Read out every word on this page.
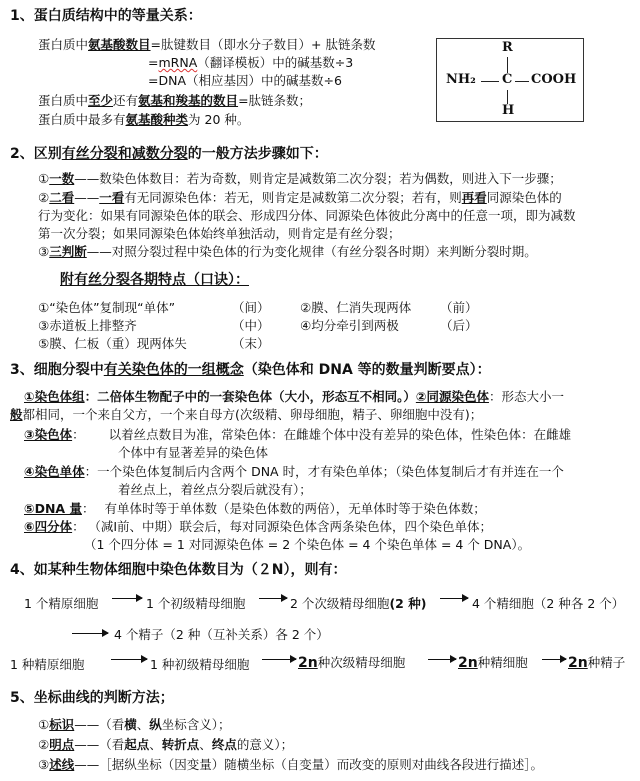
1、蛋白质结构中的等量关系：
蛋白质中氨基酸数目=肽键数目（即水分子数目）+ 肽链条数
=mRNA（翻译模板）中的碱基数÷3
=DNA（相应基因）中的碱基数÷6
蛋白质中至少还有氨基和羧基的数目=肽链条数；
蛋白质中最多有氨基酸种类为 20 种。
R
NH₂ C COOH
H
2、区别有丝分裂和减数分裂的一般方法步骤如下：
①一数——数染色体数目：若为奇数，则肯定是减数第二次分裂；若为偶数，则进入下一步骤；
②二看——一看有无同源染色体：若无，则肯定是减数第二次分裂；若有，则再看同源染色体的
行为变化：如果有同源染色体的联会、形成四分体、同源染色体彼此分离中的任意一项，即为减数
第一次分裂；如果同源染色体始终单独活动，则肯定是有丝分裂；
③三判断——对照分裂过程中染色体的行为变化规律（有丝分裂各时期）来判断分裂时期。
附有丝分裂各期特点（口诀）：
①“染色体”复制现“单体”	（间） ②膜、仁消失现两体 （前）
③赤道板上排整齐	（中） ④均分牵引到两极	（后）
⑤膜、仁板（重）现两体失	（末）
3、细胞分裂中有关染色体的一组概念（染色体和 DNA 等的数量判断要点）：
①染色体组：二倍体生物配子中的一套染色体（大小，形态互不相同。）②同源染色体：形态大小一
般都相同，一个来自父方，一个来自母方(次级精、卵母细胞，精子、卵细胞中没有)；
③染色体： 以着丝点数目为准，常染色体：在雌雄个体中没有差异的染色体，性染色体：在雌雄
个体中有显著差异的染色体
④染色单体：一个染色体复制后内含两个 DNA 时，才有染色单体；（染色体复制后才有并连在一个
着丝点上，着丝点分裂后就没有）；
⑤DNA 量： 有单体时等于单体数（是染色体数的两倍），无单体时等于染色体数；
⑥四分体： （减Ⅰ前、中期）联会后，每对同源染色体含两条染色体，四个染色单体；
（1 个四分体 = 1 对同源染色体 = 2 个染色体 = 4 个染色单体 = 4 个 DNA）。
4、如某种生物体细胞中染色体数目为（２N），则有：
1 个精原细胞	1 个初级精母细胞	2 个次级精母细胞(2 种)	4 个精细胞（2 种各 2 个）
4 个精子（2 种（互补关系）各 2 个）
1 种精原细胞	1 种初级精母细胞	2n种次级精母细胞	2n种精细胞	2n种精子
5、坐标曲线的判断方法；
①标识——（看横、纵坐标含义）；
②明点——（看起点、转折点、终点的意义）；
③述线——［据纵坐标（因变量）随横坐标（自变量）而改变的原则对曲线各段进行描述］。
